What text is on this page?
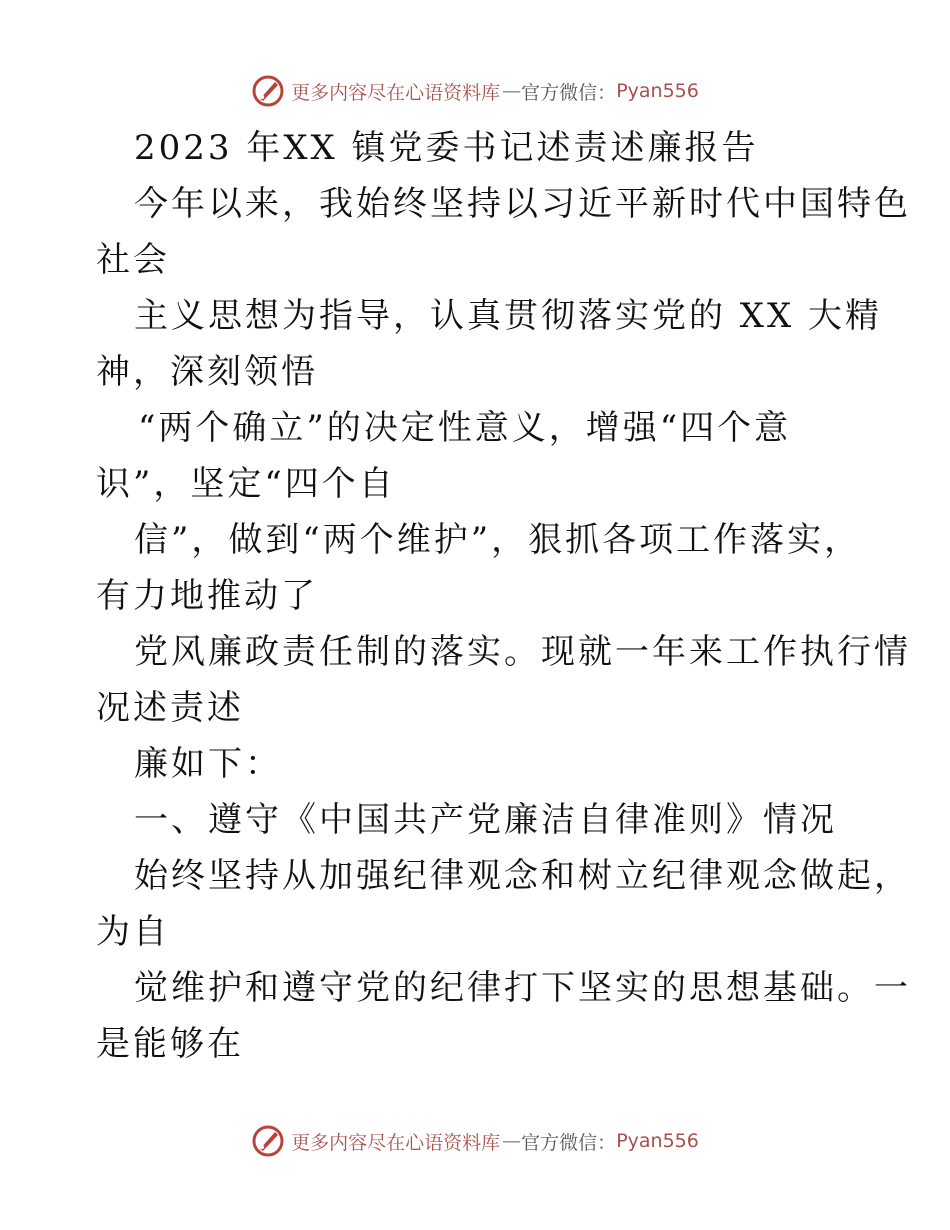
更多内容尽在心语资料库 — 官方微信： Pyan556
2023 年XX 镇党委书记述责述廉报告
今年以来，我始终坚持以习近平新时代中国特色
社会
主义思想为指导，认真贯彻落实党的 XX 大精
神，深刻领悟
“两个确立”的决定性意义，增强“四个意
识”，坚定“四个自
信”，做到“两个维护”，狠抓各项工作落实，
有力地推动了
党风廉政责任制的落实。现就一年来工作执行情
况述责述
廉如下：
一、遵守《中国共产党廉洁自律准则》情况
始终坚持从加强纪律观念和树立纪律观念做起，
为自
觉维护和遵守党的纪律打下坚实的思想基础。一
是能够在
更多内容尽在心语资料库 — 官方微信： Pyan556
